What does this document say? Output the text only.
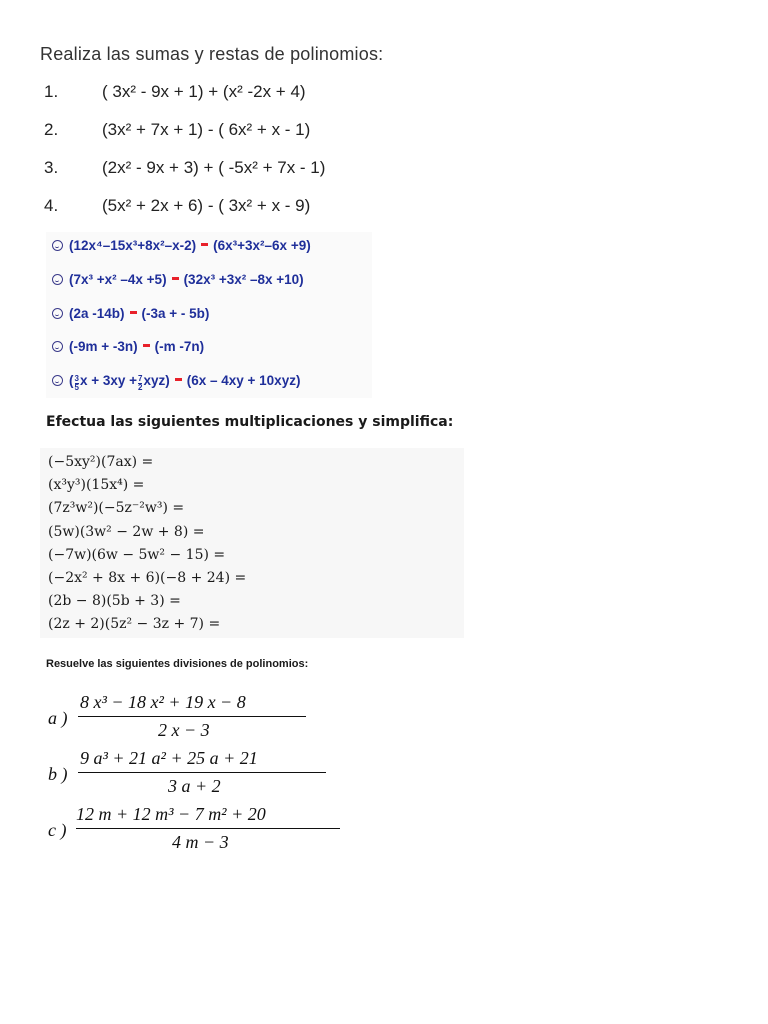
Realiza las sumas y restas de polinomios:
1.	( 3x² - 9x + 1) + (x² -2x + 4)
2.	(3x² + 7x + 1) - ( 6x² + x - 1)
3.	(2x² - 9x + 3) + ( -5x² + 7x - 1)
4.	(5x² + 2x + 6) - ( 3x² + x - 9)
(12x⁴–15x³+8x²–x-2) (6x³+3x²–6x +9)
(7x³ +x² –4x +5) (32x³ +3x² –8x +10)
(2a -14b) (-3a + - 5b)
(-9m + -3n) (-m -7n)
( $\frac{3}{5}$ $x + 3xy + \frac{7}{2} xyz$) (6x – 4xy + 10xyz)
Efectua las siguientes multiplicaciones y simplifica:
(−5xy²)(7ax) =
(x³y³)(15x⁴) =
(7z³w²)(−5z⁻²w³) =
(5w)(3w² − 2w + 8) =
(−7w)(6w − 5w² − 15) =
(−2x² + 8x + 6)(−8 + 24) =
(2b − 8)(5b + 3) =
(2z + 2)(5z² − 3z + 7) =
Resuelve las siguientes divisiones de polinomios:
a )
8 x³ − 18 x² + 19 x − 8
2 x − 3
b )
9 a³ + 21 a² + 25 a + 21
3 a + 2
c )
12 m + 12 m³ − 7 m² + 20
4 m − 3
